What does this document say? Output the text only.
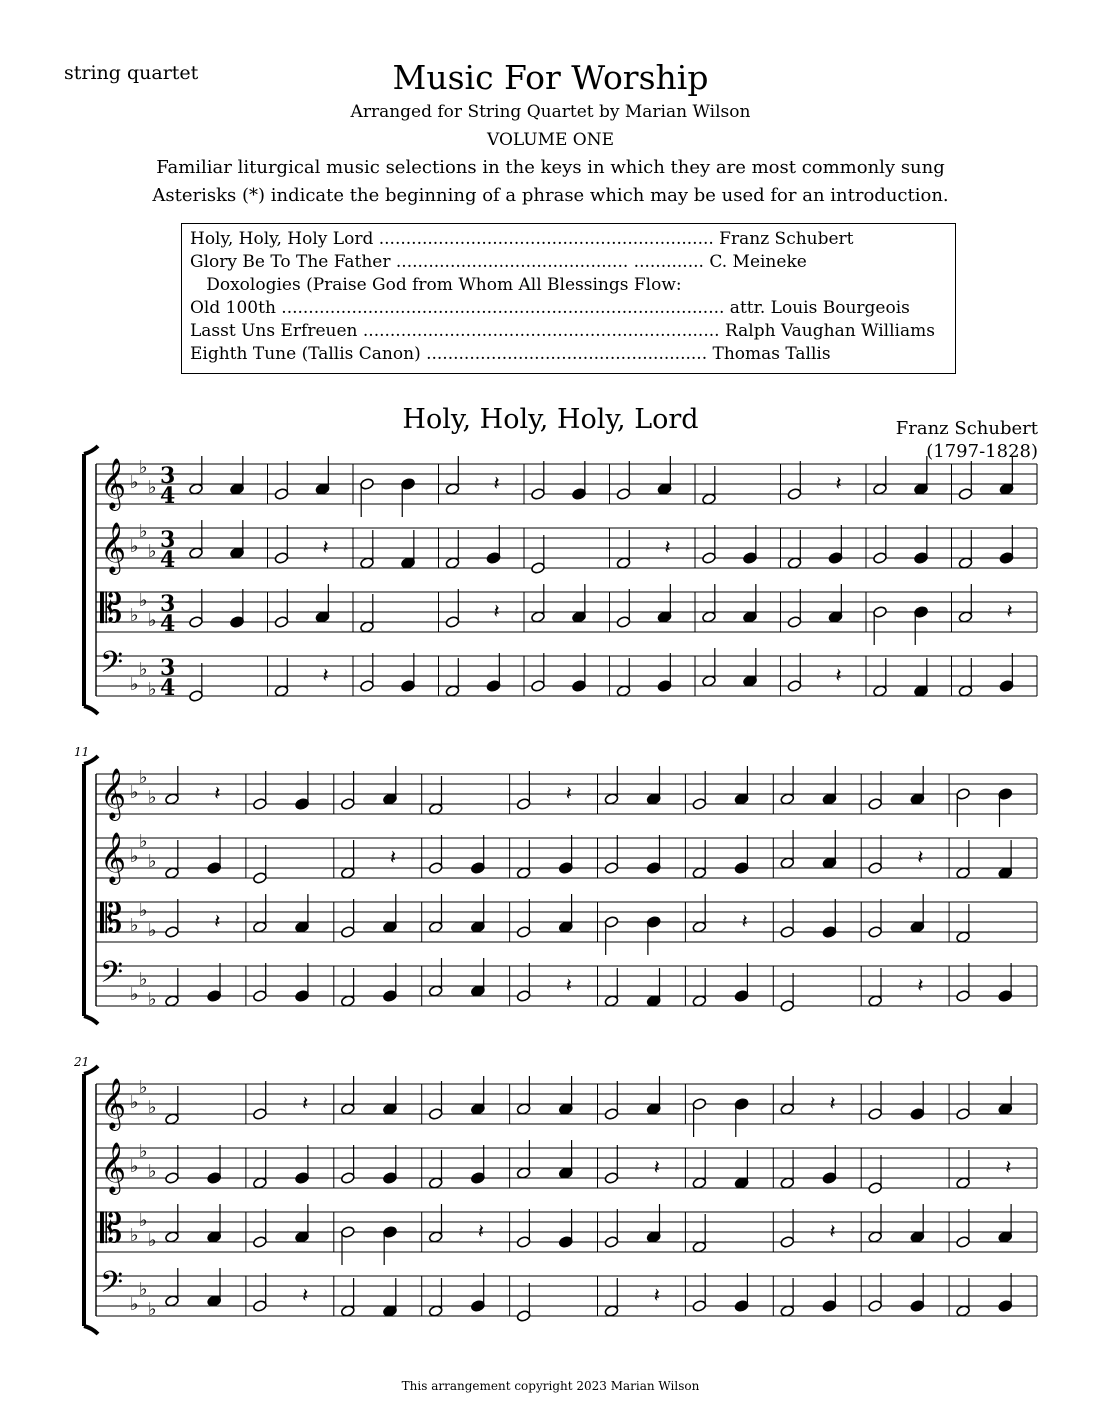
string quartet	Music For Worship
Arranged for String Quartet by Marian Wilson
VOLUME ONE
Familiar liturgical music selections in the keys in which they are most commonly sung
Asterisks (*) indicate the beginning of a phrase which may be used for an introduction.
Holy, Holy, Holy Lord .............................................................. Franz Schubert
Glory Be To The Father ........................................... ............. C. Meineke
Doxologies (Praise God from Whom All Blessings Flow:
Old 100th .................................................................................. attr. Louis Bourgeois
Lasst Uns Erfreuen .................................................................. Ralph Vaughan Williams
Eighth Tune (Tallis Canon) .................................................... Thomas Tallis
Holy, Holy, Holy, Lord	Franz Schubert
(1797-1828)
𝄞 ♭
♭
♭ 3
4	𝄽	𝄽
𝄞 ♭
♭
♭ 3
4	𝄽	𝄽
𝄡 ♭
♭
♭
3
4	𝄽	𝄽
𝄢 ♭
♭
♭
3
4	𝄽	𝄽
𝄞 ♭
♭
♭	𝄽	𝄽
𝄞 ♭
♭
♭	𝄽	𝄽
𝄡 ♭
♭
♭	𝄽	𝄽
𝄢 ♭
♭
♭
𝄽	𝄽
𝄞 ♭
♭
♭	𝄽	𝄽
𝄞 ♭
♭
♭	𝄽	𝄽
𝄡 ♭
♭
♭	𝄽	𝄽
𝄢 ♭
♭
♭
𝄽	𝄽
11
21
This arrangement copyright 2023 Marian Wilson
